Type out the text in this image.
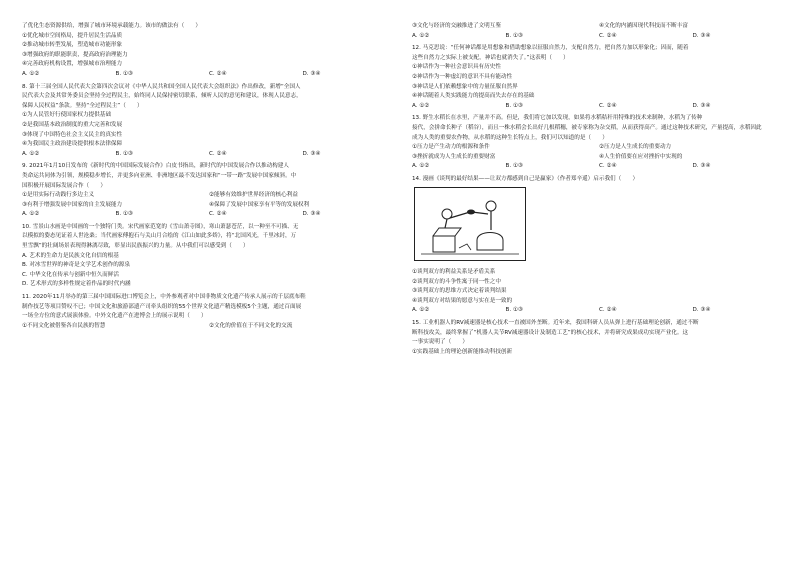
了优化生态资源供给，增强了城市环境承载能力。该市的做法有（　　）
①优化城市空间格局，提升居民生活品质
②推动城市转型发展，塑造城市功能形象
③增强政府的职能职责，提高政府治理能力
④完善政府机构设置，增强城市治理能力
A. ①②	B. ①③	C. ②④	D. ③④
8. 第十三届全国人民代表大会第四次会议对《中华人民共和国全国人民代表大会组织法》作出修改，新增“全国人
民代表大会及其常务委员会坚持全过程民主，始终同人民保持密切联系，倾听人民的意见和建议，体现人民意志，
保障人民权益”条款。坚持“全过程民主”（　　）
①为人民管好行使国家权力提供基础
②是我国基本政治制度的重大完善和发展
③体现了中国特色社会主义民主的真实性
④为我国民主政治建设提供根本法律保障
A. ①②	B. ①③	C. ②④	D. ③④
9. 2021年1月10日发布的《新时代的中国国际发展合作》白皮书指出，新时代的中国发展合作以推动构建人
类命运共同体为引领，规模稳步增长，并更多向亚洲、非洲地区最不发达国家和“一带一路”发展中国家倾斜。中
国积极开展国际发展合作（　　）
①是用实际行动践行多边主义	②能够有效维护世界经济的核心利益
③有利于增强发展中国家的自主发展能力	④保障了发展中国家享有平等的发展权利
A. ①②	B. ①③	C. ②④	D. ③④
10. 雪景山水画是中国画的一个独特门类。宋代画家范宽的《雪山萧寺图》，寒山萧瑟苍茫，以一种至不可描、无
以模拟的姿态见证着人世沧桑；当代画家傅抱石与关山月合绘的《江山如此多娇》，将“北国风光，千里冰封，万
里雪飘”的壮阔场景表现得淋漓尽致，彰显出民族振兴的力量。从中我们可以感受到（　　）
A. 艺术的生命力是民族文化自信的根基
B. 对冰雪世界的神奇是文学艺术创作的源泉
C. 中华文化在传承与创新中恒久而鲜活
D. 艺术形式的多样性规定着作品的时代内涵
11. 2020年11月举办的第三届中国国际进口博览会上，中外参观者对中国非物质文化遗产传承人展示的千层底布鞋
制作技艺等项目赞叹不已；中国文化和旅游部遗产司牵头组织的55个世界文化遗产精选模板5个主题，通过百面展
一场全方位的意式展演体验。中外文化遗产在进博会上的展示说明（　　）
①不同文化被借鉴各自民族的智慧	②文化的价值在于不同文化的交流
③文化与经济的交融推进了文明互鉴	④文化的内涵因现代科技而不断丰富
A. ①②	B. ①③	C. ②④	D. ③④
12. 马克思说：“任何神话都是用想象和借助想象以征服自然力，支配自然力，把自然力加以形象化；因而，随着
这些自然力之实际上被支配，神话也就消失了。”这表明（　　）
①神话作为一种社会意识具有历史性
②神话作为一种虚幻的意识不具有能动性
③神话是人们依赖想象中的力量征服自然界
④神话随着人类实践能力的提高而失去存在的基础
A. ①②	B. ①③	C. ②④	D. ③④
13. 野生水稻长在水里，产量并不高。但是，我们将它加以发现，如果将水稻秸秆用特殊的技术来制种，水稻为了传种
接代，会拼命长种子（稻谷），而且一株水稻会长出好几根稻穗，被专家称为杂交稻，从而获得高产。通过这种技术研究，产量提高，水稻因此
成为人类的重要农作物，从水稻的这种生长特点上，我们可以知道的是（　　）
①压力是产生动力的根源和条件	②压力是人生成长的重要动力
③挫折就成为人生成长的重要财富	④人生价值要在应对挫折中实现的
A. ①②	B. ①③	C. ②④	D. ③④
14. 漫画《谈判的最好结果——让双方都感到自己是赢家》（作者郑辛遥）启示我们（　　）
①谈判双方的利益关系是矛盾关系
②谈判双方的斗争性寓于同一性之中
③谈判双方的思维方式决定着谈判结果
④谈判双方对结果的愿意与实在是一致的
A. ①②	B. ①③	C. ②④	D. ③④
15. 工业机器人的RV减速器是核心技术一直被国外垄断。近年来，我国科研人员从弹上进行基础理论创新，通过不断
断科技攻关，最终掌握了“机器人关节RV减速器设计及制造工艺”的核心技术，并将研究成果成功实现产业化。这
一事实说明了（　　）
①实践基础上的理论创新能推动科技创新
